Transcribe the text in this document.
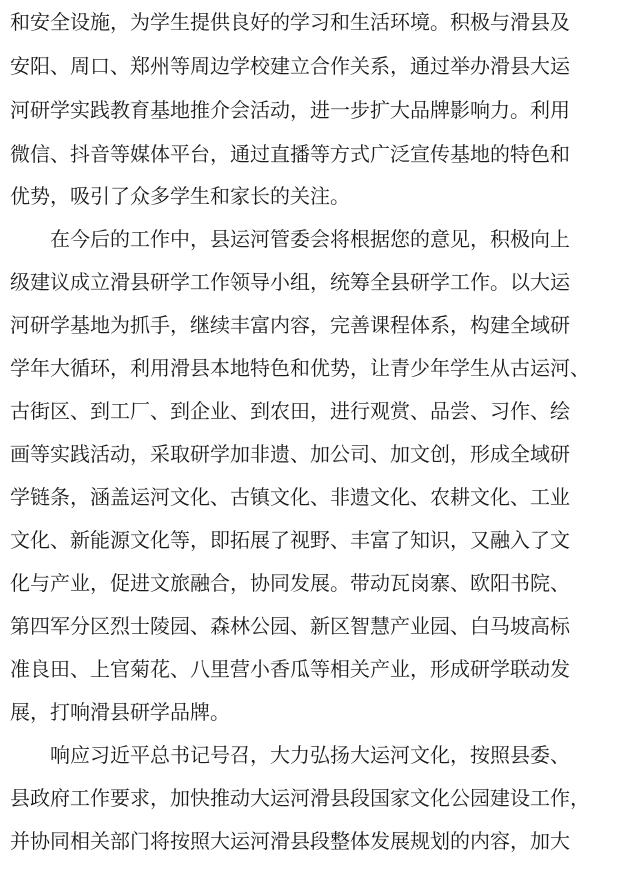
和安全设施，为学生提供良好的学习和生活环境。积极与滑县及
安阳、周口、郑州等周边学校建立合作关系，通过举办滑县大运
河研学实践教育基地推介会活动，进一步扩大品牌影响力。利用
微信、抖音等媒体平台，通过直播等方式广泛宣传基地的特色和
优势，吸引了众多学生和家长的关注。
在今后的工作中，县运河管委会将根据您的意见，积极向上
级建议成立滑县研学工作领导小组，统筹全县研学工作。以大运
河研学基地为抓手，继续丰富内容，完善课程体系，构建全域研
学年大循环，利用滑县本地特色和优势，让青少年学生从古运河、
古街区、到工厂、到企业、到农田，进行观赏、品尝、习作、绘
画等实践活动，采取研学加非遗、加公司、加文创，形成全域研
学链条，涵盖运河文化、古镇文化、非遗文化、农耕文化、工业
文化、新能源文化等，即拓展了视野、丰富了知识，又融入了文
化与产业，促进文旅融合，协同发展。带动瓦岗寨、欧阳书院、
第四军分区烈士陵园、森林公园、新区智慧产业园、白马坡高标
准良田、上官菊花、八里营小香瓜等相关产业，形成研学联动发
展，打响滑县研学品牌。
响应习近平总书记号召，大力弘扬大运河文化，按照县委、
县政府工作要求，加快推动大运河滑县段国家文化公园建设工作，
并协同相关部门将按照大运河滑县段整体发展规划的内容，加大
